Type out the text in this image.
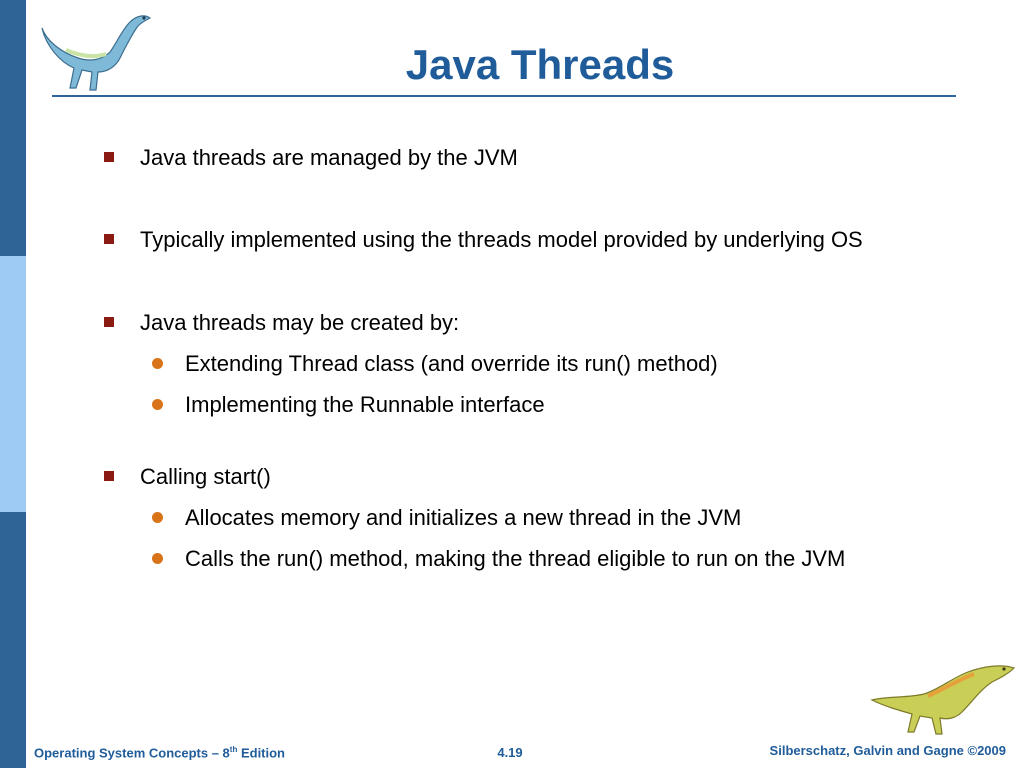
Java Threads
Java threads are managed by the JVM
Typically implemented using the threads model provided by underlying OS
Java threads may be created by:
Extending Thread class (and override its run() method)
Implementing the Runnable interface
Calling start()
Allocates memory and initializes a new thread in the JVM
Calls the run() method, making the thread eligible to run on the JVM
Operating System Concepts – 8th Edition	4.19	Silberschatz, Galvin and Gagne ©2009
